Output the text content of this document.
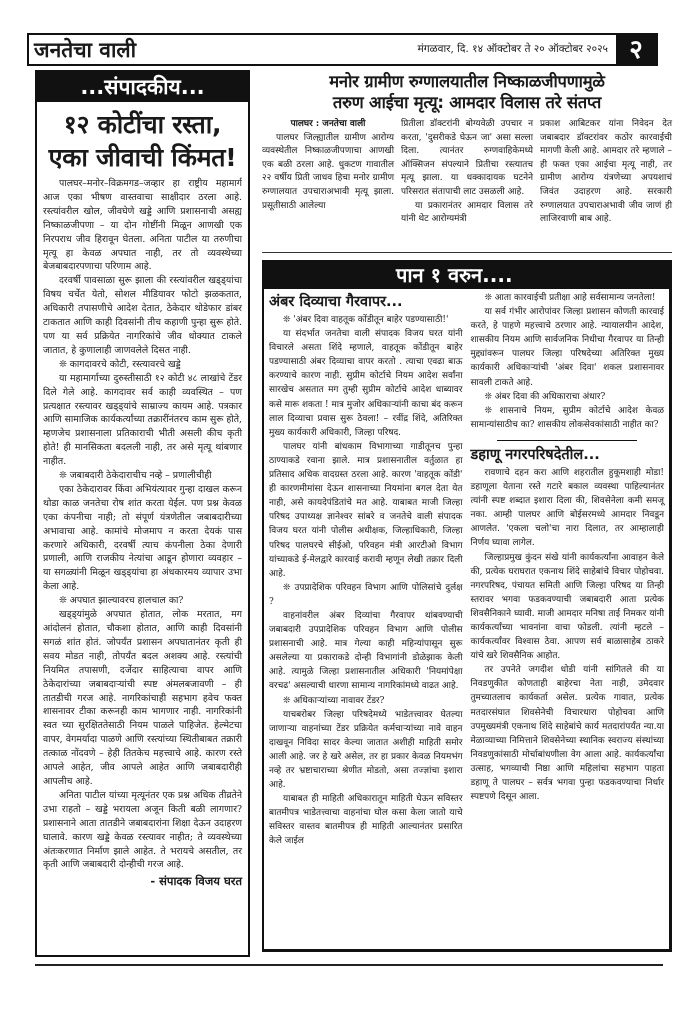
जनतेचा वाली	मंगळवार, दि. १४ ऑक्टोबर ते २० ऑक्टोबर २०२५ २
...संपादकीय...
१२ कोटींचा रस्ता,
एका जीवाची किंमत!

पालघर–मनोर–विक्रमगड–जव्हार हा राष्ट्रीय महामार्ग आज एका भीषण वास्तवाचा साक्षीदार ठरला आहे. रस्त्यांवरील खोल, जीवघेणे खड्डे आणि प्रशासनाची असह्य निष्काळजीपणा – या दोन गोष्टींनी मिळून आणखी एक निरपराध जीव हिरावून घेतला. अनिता पाटील या तरुणीचा मृत्यू हा केवळ अपघात नाही, तर तो व्यवस्थेच्या बेजबाबदारपणाचा परिणाम आहे.

दरवर्षी पावसाळा सुरू झाला की रस्त्यांवरील खड्ड्यांचा विषय चर्चेत येतो, सोशल मीडियावर फोटो झळकतात, अधिकारी तपासणीचे आदेश देतात, ठेकेदार थोडेफार डांबर टाकतात आणि काही दिवसांनी तीच कहाणी पुन्हा सुरू होते. पण या सर्व प्रक्रियेत नागरिकांचे जीव धोक्यात टाकले जातात, हे कुणालाही जाणवलेले दिसत नाही.

❊ कागदावरचे कोटी, रस्त्यावरचे खड्डे

या महामार्गाच्या दुरुस्तीसाठी १२ कोटी ४८ लाखांचे टेंडर दिले गेले आहे. कागदावर सर्व काही व्यवस्थित – पण प्रत्यक्षात रस्त्यावर खड्ड्यांचे साम्राज्य कायम आहे. पत्रकार आणि सामाजिक कार्यकर्त्यांच्या तक्रारींनंतरच काम सुरू होते, म्हणजेच प्रशासनाला प्रतिकाराची भीती असली कीच कृती होते! ही मानसिकता बदलली नाही, तर असे मृत्यू थांबणार नाहीत.

❊ जबाबदारी ठेकेदाराचीच नव्हे – प्रणालीचीही

एका ठेकेदारावर किंवा अभियंत्यावर गुन्हा दाखल करून थोडा काळ जनतेचा रोष शांत करता येईल. पण प्रश्न केवळ एका कंपनीचा नाही; तो संपूर्ण यंत्रणेतील जबाबदारीच्या अभावाचा आहे. कामांचे मोजमाप न करता देयकं पास करणारे अधिकारी, दरवर्षी त्याच कंपनीला ठेका देणारी प्रणाली, आणि राजकीय नेत्यांचा आडून होणारा व्यवहार – या सगळ्यांनी मिळून खड्ड्यांचा हा अंधकारमय व्यापार उभा केला आहे.

❊ अपघात झाल्यावरच हालचाल का?

खड्ड्यांमुळे अपघात होतात, लोक मरतात, मग आंदोलनं होतात, चौकशा होतात, आणि काही दिवसांनी सगळं शांत होतं. जोपर्यंत प्रशासन अपघातानंतर कृती ही सवय मोडत नाही, तोपर्यंत बदल अशक्य आहे. रस्त्यांची नियमित तपासणी, दर्जेदार साहित्याचा वापर आणि ठेकेदारांच्या जबाबदाऱ्यांची स्पष्ट अंमलबजावणी – ही तातडीची गरज आहे. नागरिकांचाही सहभाग हवेच फक्त शासनावर टीका करूनही काम भागणार नाही. नागरिकांनी स्वत च्या सुरक्षिततेसाठी नियम पाळले पाहिजेत. हेल्मेटचा वापर, वेगमर्यादा पाळणे आणि रस्त्यांच्या स्थितीबाबत तक्रारी तत्काळ नोंदवणे – हेही तितकेच महत्त्वाचे आहे. कारण रस्ते आपले आहेत, जीव आपले आहेत आणि जबाबदारीही आपलीच आहे.

अनिता पाटील यांच्या मृत्यूनंतर एक प्रश्न अधिक तीव्रतेने उभा राहतो – खड्डे भरायला अजून किती बळी लागणार? प्रशासनाने आता तातडीने जबाबदारांना शिक्षा देऊन उदाहरण घालावे. कारण खड्डे केवळ रस्त्यावर नाहीत; ते व्यवस्थेच्या अंतःकरणात निर्माण झाले आहेत. ते भरायचे असतील, तर कृती आणि जबाबदारी दोन्हीची गरज आहे.

- संपादक विजय घरत
मनोर ग्रामीण रुग्णालयातील निष्काळजीपणामुळे
तरुण आईचा मृत्यू: आमदार विलास तरे संतप्त
पालघर : जनतेचा वाली

पालघर जिल्ह्यातील ग्रामीण आरोग्य व्यवस्थेतील निष्काळजीपणाचा आणखी एक बळी ठरला आहे. धुकटण गावातील २२ वर्षीय प्रिती जाधव हिचा मनोर ग्रामीण रुग्णालयात उपचाराअभावी मृत्यू झाला. प्रसूतीसाठी आलेल्या

प्रितीला डॉक्टरांनी बोग्यवेळी उपचार न करता, 'दुसरीकडे घेऊन जा' असा सल्ला दिला. त्यानंतर रुग्णवाहिकेमध्ये ऑक्सिजन संपल्याने प्रितीचा रस्त्यातच मृत्यू झाला. या धक्कादायक घटनेने परिसरात संतापाची लाट उसळली आहे.

या प्रकारानंतर आमदार विलास तरे यांनी थेट आरोग्यमंत्री

प्रकाश आबिटकर यांना निवेदन देत जबाबदार डॉक्टरांवर कठोर कारवाईची मागणी केली आहे. आमदार तरे म्हणाले – ही फक्त एका आईचा मृत्यू नाही, तर ग्रामीण आरोग्य यंत्रणेच्या अपयशाचं जिवंत उदाहरण आहे. सरकारी रुग्णालयात उपचाराअभावी जीव जाणं ही लाजिरवाणी बाब आहे.

पान १ वरुन....
अंबर दिव्याचा गैरवापर...

❊ 'अंबर दिवा वाहतूक कोंडीतून बाहेर पडण्यासाठी!'

या संदर्भात जनतेचा वाली संपादक विजय घरत यांनी विचारले असता शिंदे म्हणाले, वाहतूक कोंडीतून बाहेर पडण्यासाठी अंबर दिव्याचा वापर करतो . त्याचा एवढा बाऊ करण्याचे कारण नाही. सुप्रीम कोर्टाचे नियम आदेश सर्वांना सारखेच असतात मग तुम्ही सुप्रीम कोर्टाचे आदेश धाब्यावर कसे मारू शकता ! मात्र मुजोर अधिकाऱ्यांनी काचा बंद करून लाल दिव्याचा प्रवास सुरू ठेवला! – रवींद्र शिंदे, अतिरिक्त मुख्य कार्यकारी अधिकारी, जिल्हा परिषद.

पालघर यांनी बांधकाम विभागाच्या गाडीतूनच पुन्हा ठाण्याकडे रवाना झाले. मात्र प्रशासनातील वर्तुळात हा प्रतिसाद अधिक वादग्रस्त ठरला आहे. कारण 'वाहतूक कोंडी' ही कारणमीमांसा देऊन शासनाच्या नियमांना बगल देता येत नाही, असे कायदेपंडितांचे मत आहे. याबाबत माजी जिल्हा परिषद उपाध्यक्ष ज्ञानेश्वर सांबरे व जनतेचे वाली संपादक विजय घरत यांनी पोलीस अधीक्षक, जिल्हाधिकारी, जिल्हा परिषद पालघरचे सीईओ, परिवहन मंत्री आरटीओ विभाग यांच्याकडे ई-मेलद्वारे कारवाई करावी म्हणून लेखी तक्रार दिली आहे.

❊ उपप्रादेशिक परिवहन विभाग आणि पोलिसांचे दुर्लक्ष ?

वाहनांवरील अंबर दिव्यांचा गैरवापर थांबवण्याची जबाबदारी उपप्रादेशिक परिवहन विभाग आणि पोलीस प्रशासनाची आहे. मात्र गेल्या काही महिन्यांपासून सुरू असलेल्या या प्रकाराकडे दोन्ही विभागांनी डोळेझाक केली आहे. त्यामुळे जिल्हा प्रशासनातील अधिकारी 'नियमांपेक्षा वरचढ' असल्याची धारणा सामान्य नागरिकांमध्ये वाढत आहे.

❊ अधिकाऱ्यांच्या नावावर टेंडर?

याचबरोबर जिल्हा परिषदेमध्ये भाडेतत्त्वावर घेतल्या जाणाऱ्या वाहनांच्या टेंडर प्रक्रियेत कर्मचाऱ्यांच्या नावे वाहन दाखवून निविदा सादर केल्या जातात अशीही माहिती समोर आली आहे. जर हे खरे असेल, तर हा प्रकार केवळ नियमभंग नव्हे तर भ्रष्टाचाराच्या श्रेणीत मोडतो, असा तज्ज्ञांचा इशारा आहे.

याबाबत ही माहिती अधिकारातून माहिती घेऊन सविस्तर बातमीपत्र भाडेतत्त्वाचा वाहनांचा घोल कसा केला जातो याचे सविस्तर वास्तव बातमीपत्र ही माहिती आल्यानंतर प्रसारित केले जाईल

❊ आता कारवाईची प्रतीक्षा आहे सर्वसामान्य जनतेला!

या सर्व गंभीर आरोपांवर जिल्हा प्रशासन कोणती कारवाई करते, हे पाहणे महत्त्वाचे ठरणार आहे. न्यायालयीन आदेश, शासकीय नियम आणि सार्वजनिक निधीचा गैरवापर या तिन्ही मुद्द्यांवरून पालघर जिल्हा परिषदेच्या अतिरिक्त मुख्य कार्यकारी अधिकाऱ्यांची 'अंबर दिवा' शकल प्रशासनावर सावली टाकते आहे.

❊ अंबर दिवा की अधिकाराचा अंधार?

❊ शासनाचे नियम, सुप्रीम कोर्टाचे आदेश केवळ सामान्यांसाठीच का? शासकीय लोकसेवकांसाठी नाहीत का?

डहाणू नगरपरिषदेतील...

रावणाचे दहन करा आणि शहरातील हुकूमशाही मोडा! डहाणूला येताना रस्ते गटारे बकाल व्यवस्था पाहिल्यानंतर त्यांनी स्पष्ट शब्दात इशारा दिला की, शिवसेनेला कमी समजू नका. आम्ही पालघर आणि बोईसरमध्ये आमदार निवडून आणलेत. 'एकला चलो'चा नारा दिलात, तर आम्हालाही निर्णय घ्यावा लागेल.

जिल्हाप्रमुख कुंदन संखे यांनी कार्यकर्त्यांना आवाहन केले की, प्रत्येक घराघरात एकनाथ शिंदे साहेबांचे विचार पोहोचवा. नगरपरिषद, पंचायत समिती आणि जिल्हा परिषद या तिन्ही स्तरावर भगवा फडकवण्याची जबाबदारी आता प्रत्येक शिवसैनिकाने घ्यावी. माजी आमदार मनिषा ताई निमकर यांनी कार्यकर्त्यांच्या भावनांना वाचा फोडली. त्यांनी म्हटले – कार्यकर्त्यांवर विश्वास ठेवा. आपण सर्व बाळासाहेब ठाकरे यांचे खरे शिवसैनिक आहोत.

तर उपनेते जगदीश धोडी यांनी सांगितले की या निवडणुकीत कोणताही बाहेरचा नेता नाही, उमेदवार तुमच्यातलाच कार्यकर्ता असेल. प्रत्येक गावात, प्रत्येक मतदारसंघात शिवसेनेची विचारधारा पोहोचवा आणि उपमुख्यमंत्री एकनाथ शिंदे साहेबांचे कार्य मतदारांपर्यंत न्या.या मेळाव्याच्या निमित्ताने शिवसेनेच्या स्थानिक स्वराज्य संस्थांच्या निवडणुकांसाठी मोर्चाबांधणीला वेग आला आहे. कार्यकर्त्यांचा उत्साह, भगव्याची निष्ठा आणि महिलांचा सहभाग पाहता डहाणू ते पालघर – सर्वत्र भगवा पुन्हा फडकवण्याचा निर्धार स्पष्टपणे दिसून आला.
